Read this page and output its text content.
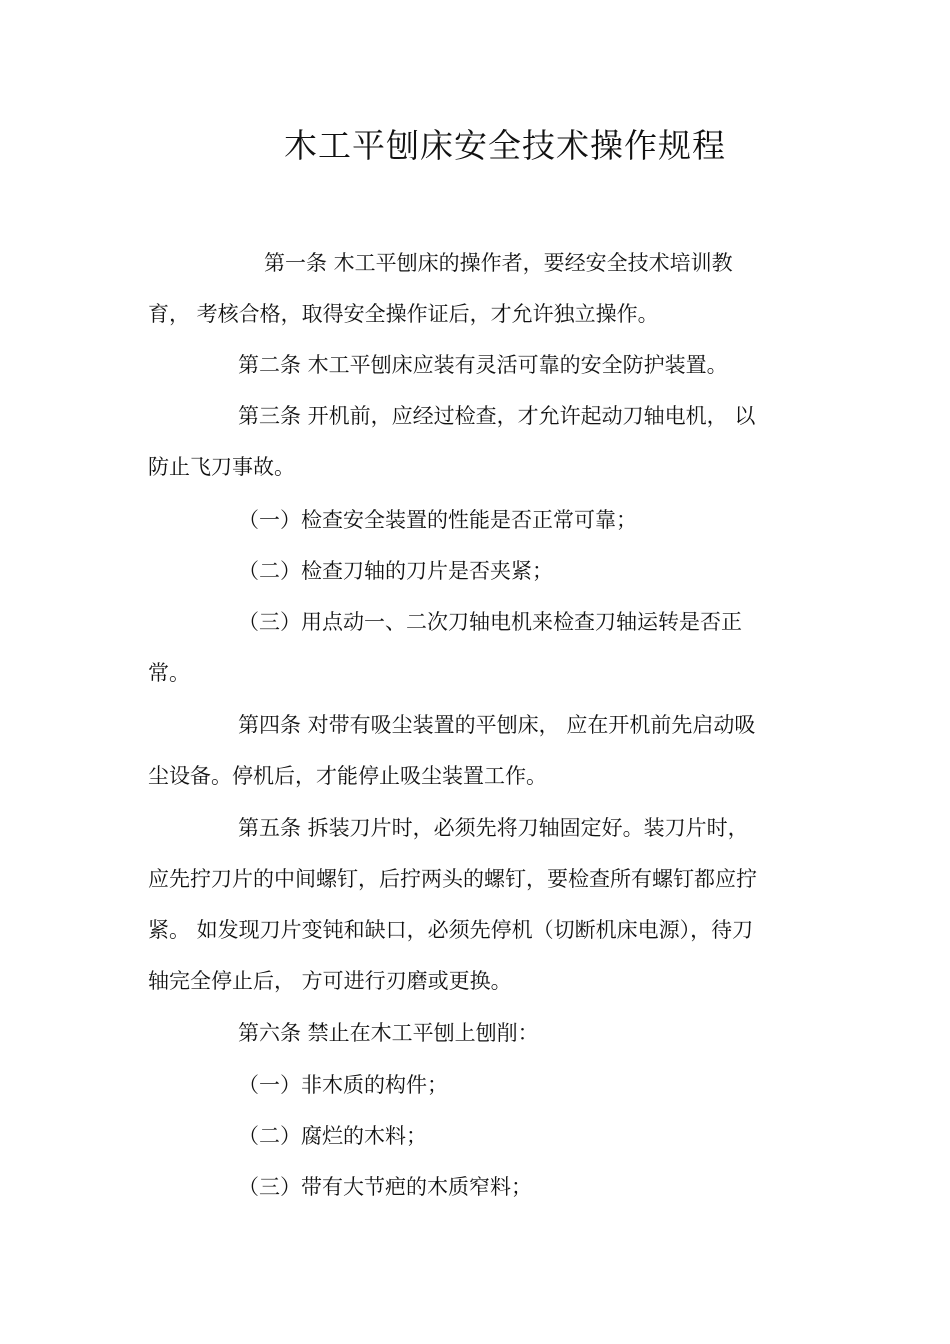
木工平刨床安全技术操作规程
第一条 木工平刨床的操作者，要经安全技术培训教
育， 考核合格，取得安全操作证后，才允许独立操作。
第二条 木工平刨床应装有灵活可靠的安全防护装置。
第三条 开机前，应经过检查，才允许起动刀轴电机， 以
防止飞刀事故。
（一）检查安全装置的性能是否正常可靠；
（二）检查刀轴的刀片是否夹紧；
（三）用点动一、二次刀轴电机来检查刀轴运转是否正
常。
第四条 对带有吸尘装置的平刨床， 应在开机前先启动吸
尘设备。停机后，才能停止吸尘装置工作。
第五条 拆装刀片时，必须先将刀轴固定好。装刀片时，
应先拧刀片的中间螺钉，后拧两头的螺钉，要检查所有螺钉都应拧
紧。 如发现刀片变钝和缺口，必须先停机（切断机床电源），待刀
轴完全停止后， 方可进行刃磨或更换。
第六条 禁止在木工平刨上刨削：
（一）非木质的构件；
（二）腐烂的木料；
（三）带有大节疤的木质窄料；
